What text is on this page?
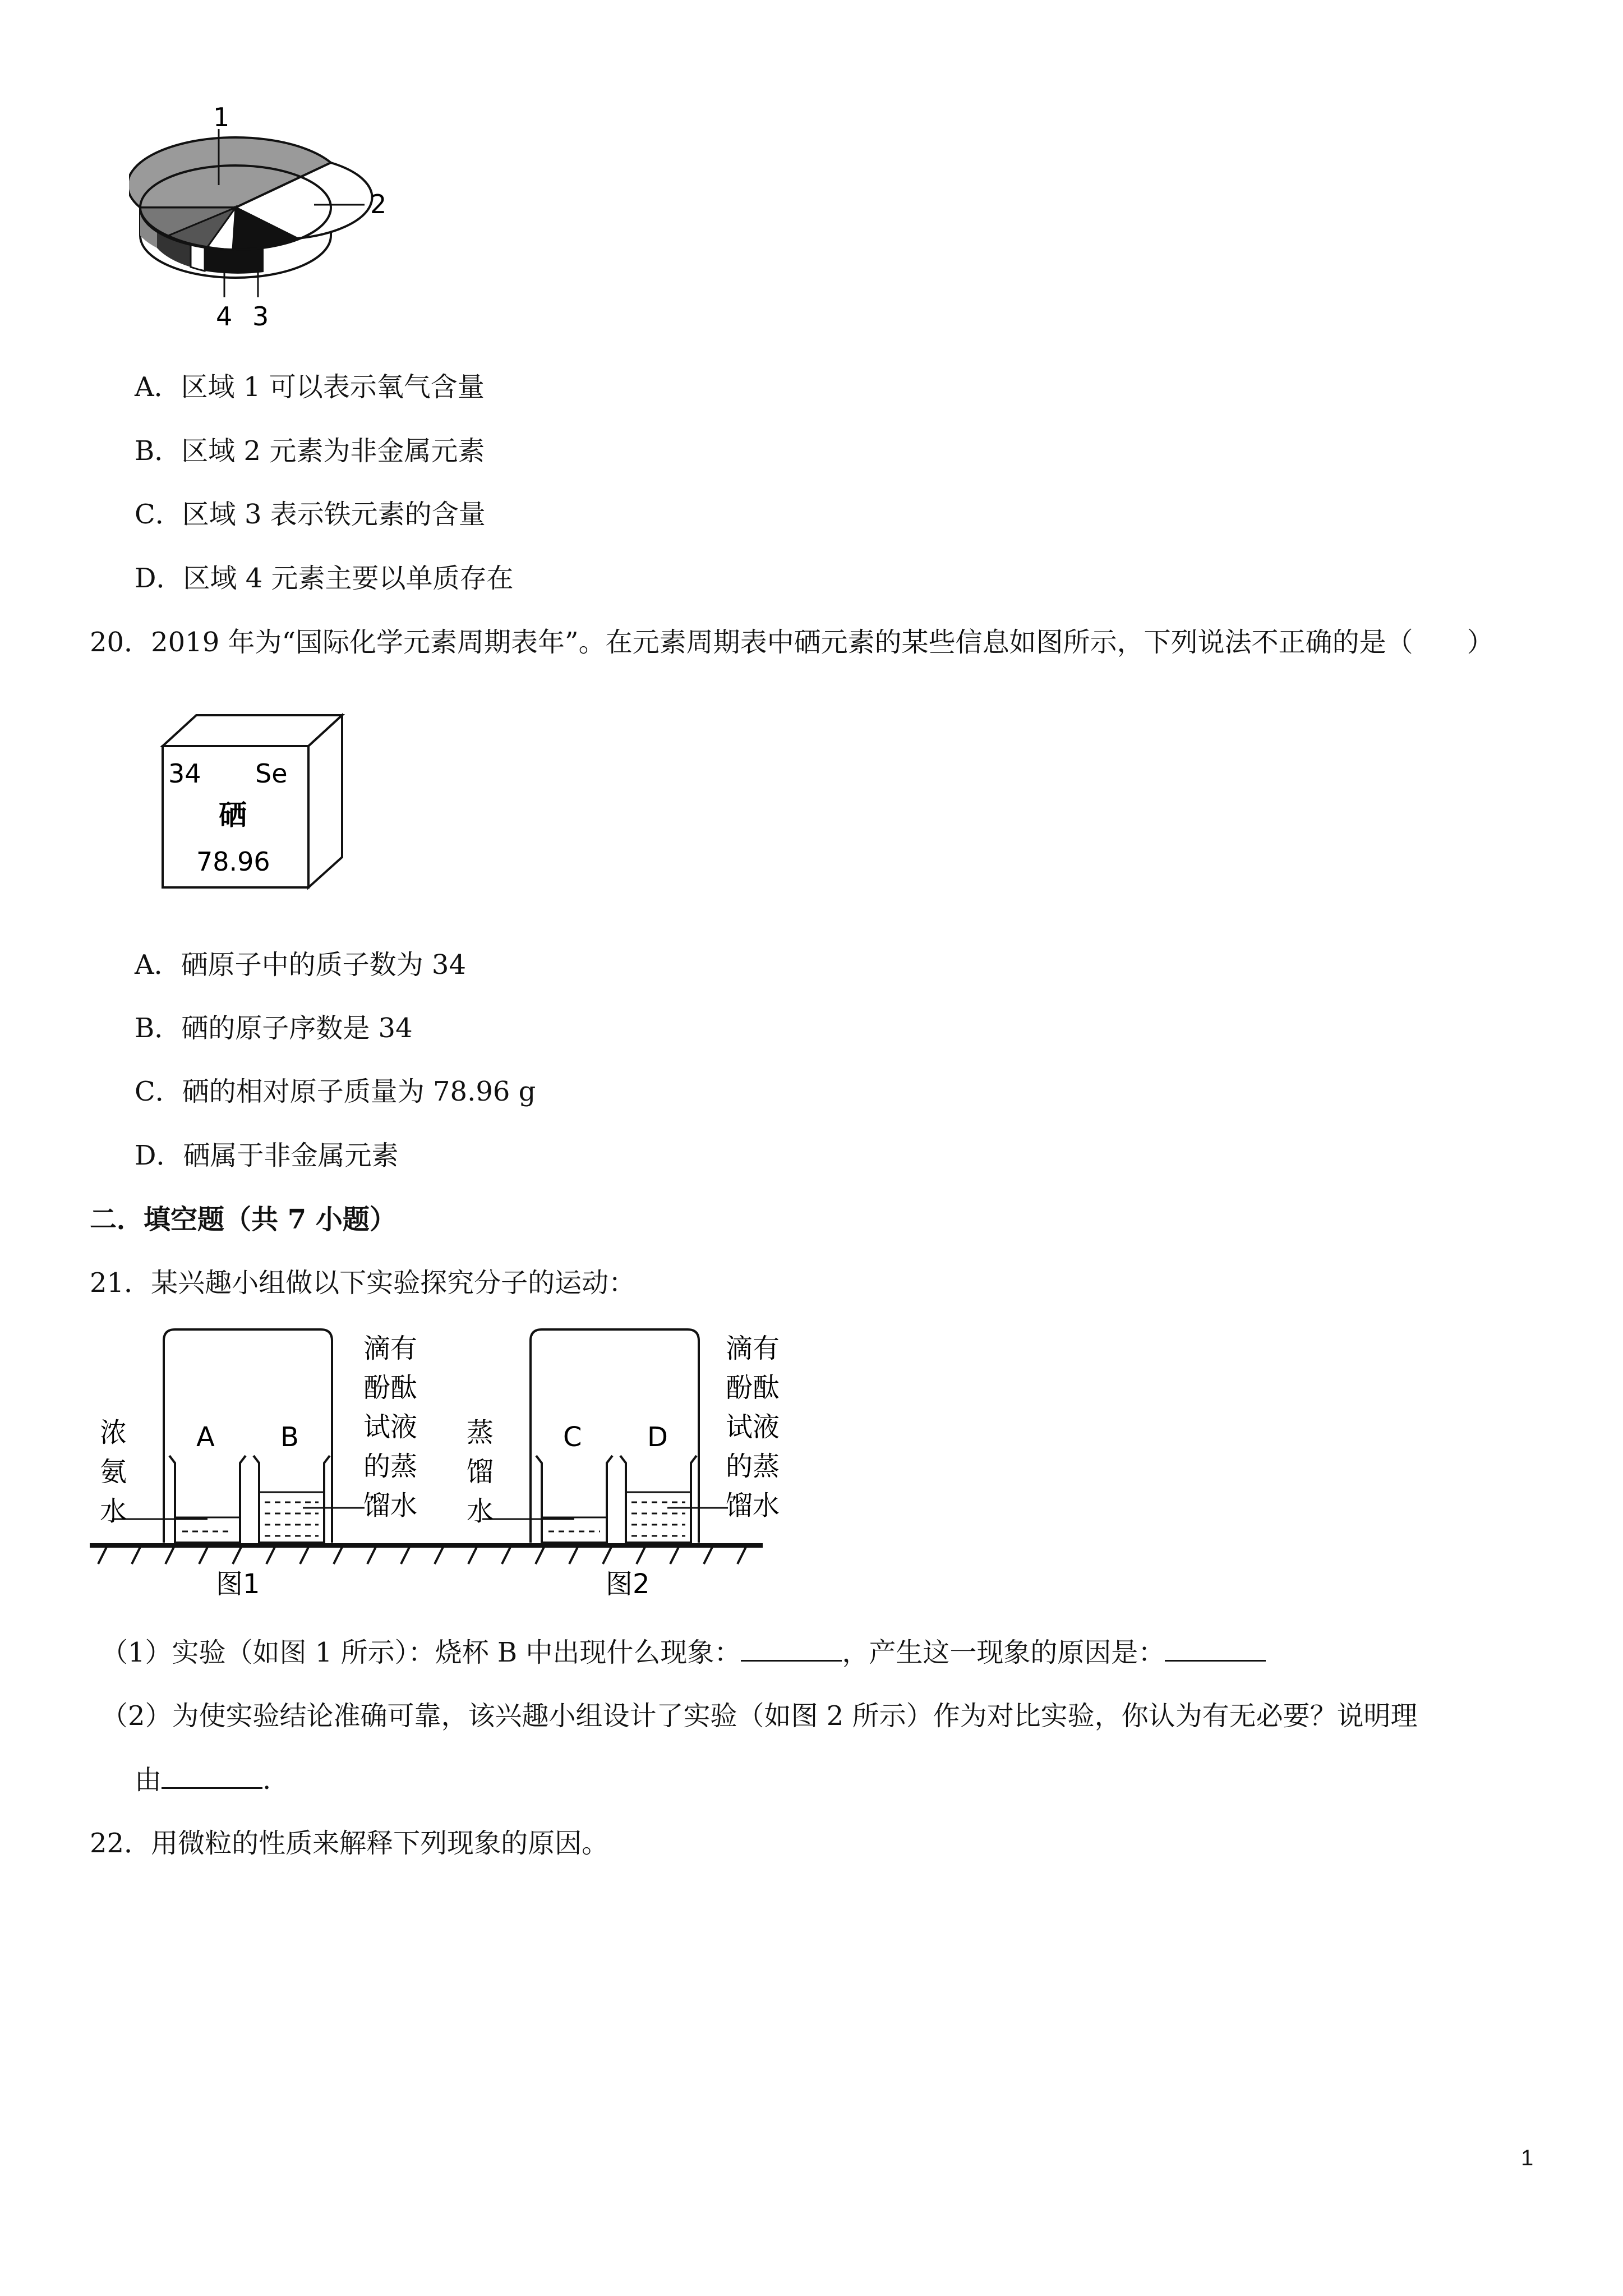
1
2
4 3
A．区域 1 可以表示氧气含量
B．区域 2 元素为非金属元素
C．区域 3 表示铁元素的含量
D．区域 4 元素主要以单质存在
20．2019 年为“国际化学元素周期表年”。在元素周期表中硒元素的某些信息如图所示，下列说法不正确的是（　　）
34 Se
硒
78.96
A．硒原子中的质子数为 34
B．硒的原子序数是 34
C．硒的相对原子质量为 78.96 g
D．硒属于非金属元素
二．填空题（共 7 小题）
21．某兴趣小组做以下实验探究分子的运动：
A B
浓
氨
水
滴有
酚酞
试液
的蒸
馏水
图1
C D
蒸
馏
水
滴有
酚酞
试液
的蒸
馏水
图2
（1）实验（如图 1 所示）：烧杯 B 中出现什么现象：	，产生这一现象的原因是：
（2）为使实验结论准确可靠，该兴趣小组设计了实验（如图 2 所示）作为对比实验，你认为有无必要？说明理
由	.
22．用微粒的性质来解释下列现象的原因。
1
